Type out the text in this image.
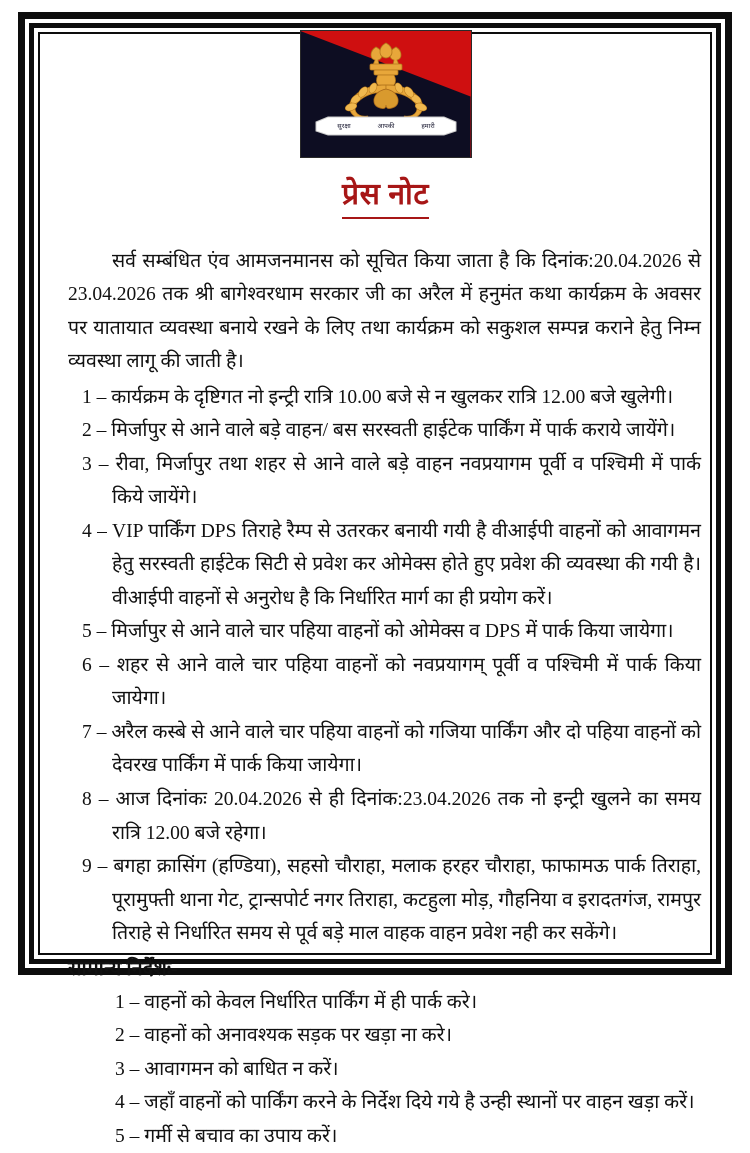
सुरक्षा	आपकी	हमारी
प्रेस नोट

सर्व सम्बंधित एंव आमजनमानस को सूचित किया जाता है कि दिनांक:20.04.2026 से 23.04.2026 तक श्री बागेश्वरधाम सरकार जी का अरैल में हनुमंत कथा कार्यक्रम के अवसर पर यातायात व्यवस्था बनाये रखने के लिए तथा कार्यक्रम को सकुशल सम्पन्न कराने हेतु निम्न व्यवस्था लागू की जाती है।

1 – कार्यक्रम के दृष्टिगत नो इन्ट्री रात्रि 10.00 बजे से न खुलकर रात्रि 12.00 बजे खुलेगी।

2 – मिर्जापुर से आने वाले बड़े वाहन/ बस सरस्वती हाईटेक पार्किंग में पार्क कराये जायेंगे।

3 – रीवा, मिर्जापुर तथा शहर से आने वाले बड़े वाहन नवप्रयागम पूर्वी व पश्चिमी में पार्क किये जायेंगे।

4 – VIP पार्किंग DPS तिराहे रैम्प से उतरकर बनायी गयी है वीआईपी वाहनों को आवागमन हेतु सरस्वती हाईटेक सिटी से प्रवेश कर ओमेक्स होते हुए प्रवेश की व्यवस्था की गयी है। वीआईपी वाहनों से अनुरोध है कि निर्धारित मार्ग का ही प्रयोग करें।

5 – मिर्जापुर से आने वाले चार पहिया वाहनों को ओमेक्स व DPS में पार्क किया जायेगा।

6 – शहर से आने वाले चार पहिया वाहनों को नवप्रयागम् पूर्वी व पश्चिमी में पार्क किया जायेगा।

7 – अरैल कस्बे से आने वाले चार पहिया वाहनों को गजिया पार्किंग और दो पहिया वाहनों को देवरख पार्किंग में पार्क किया जायेगा।

8 – आज दिनांकः 20.04.2026 से ही दिनांक:23.04.2026 तक नो इन्ट्री खुलने का समय रात्रि 12.00 बजे रहेगा।

9 – बगहा क्रासिंग (हण्डिया), सहसो चौराहा, मलाक हरहर चौराहा, फाफामऊ पार्क तिराहा, पूरामुफ्ती थाना गेट, ट्रान्सपोर्ट नगर तिराहा, कटहुला मोड़, गौहनिया व इरादतगंज, रामपुर तिराहे से निर्धारित समय से पूर्व बड़े माल वाहक वाहन प्रवेश नही कर सकेंगे।

सामान्य निर्देशः-

1 – वाहनों को केवल निर्धारित पार्किंग में ही पार्क करे।

2 – वाहनों को अनावश्यक सड़क पर खड़ा ना करे।

3 – आवागमन को बाधित न करें।

4 – जहाँ वाहनों को पार्किंग करने के निर्देश दिये गये है उन्ही स्थानों पर वाहन खड़ा करें।

5 – गर्मी से बचाव का उपाय करें।
